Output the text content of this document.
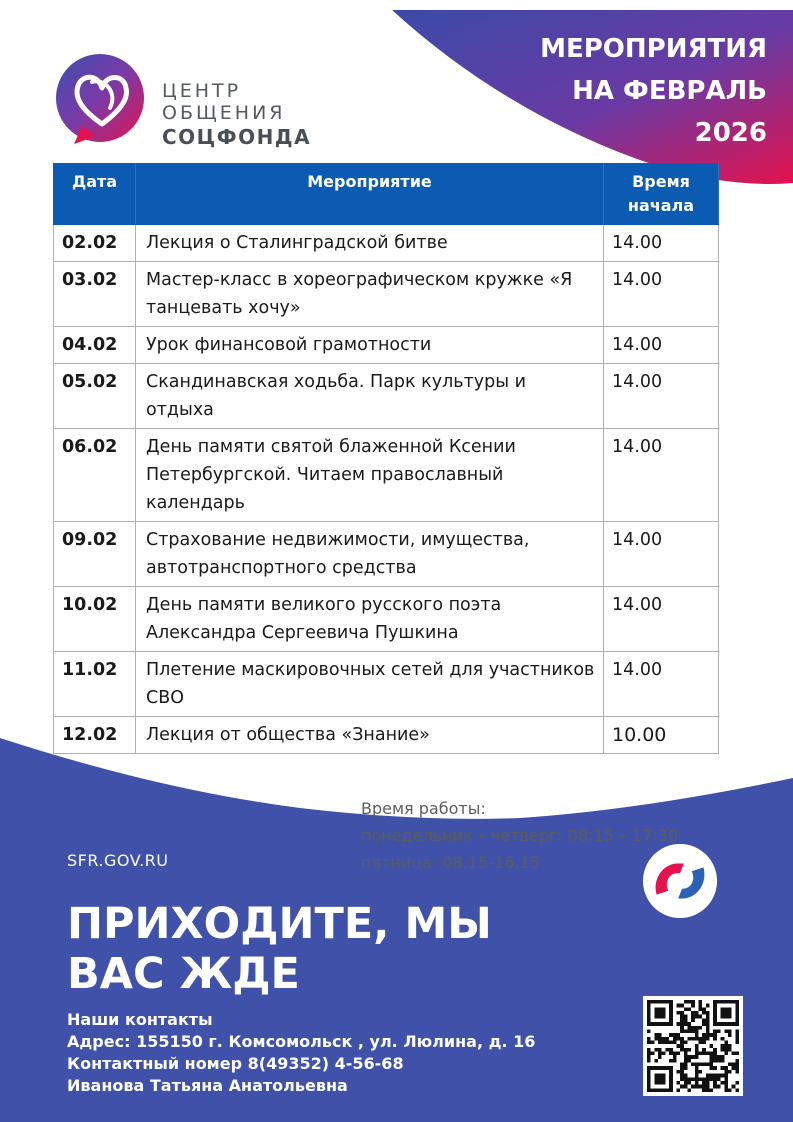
МЕРОПРИЯТИЯ
НА ФЕВРАЛЬ
2026
ЦЕНТР
ОБЩЕНИЯ
СОЦФОНДА
Дата	Мероприятие	Время начала
02.02	Лекция о Сталинградской битве	14.00
03.02	Мастер-класс в хореографическом кружке «Я танцевать хочу»	14.00
04.02	Урок финансовой грамотности	14.00
05.02	Скандинавская ходьба. Парк культуры и отдыха	14.00
06.02	День памяти святой блаженной Ксении Петербургской. Читаем православный календарь	14.00
09.02	Страхование недвижимости, имущества, автотранспортного средства	14.00
10.02	День памяти великого русского поэта Александра Сергеевича Пушкина	14.00
11.02	Плетение маскировочных сетей для участников СВО	14.00
12.02	Лекция от общества «Знание»	10.00
Время работы:
понедельник – четверг: 08:15 – 17:30
пятница: 08.15-16.15
SFR.GOV.RU
ПРИХОДИТЕ, МЫ
ВАС ЖДЕ
Наши контакты
Адрес: 155150 г. Комсомольск , ул. Люлина, д. 16
Контактный номер 8(49352) 4-56-68
Иванова Татьяна Анатольевна
